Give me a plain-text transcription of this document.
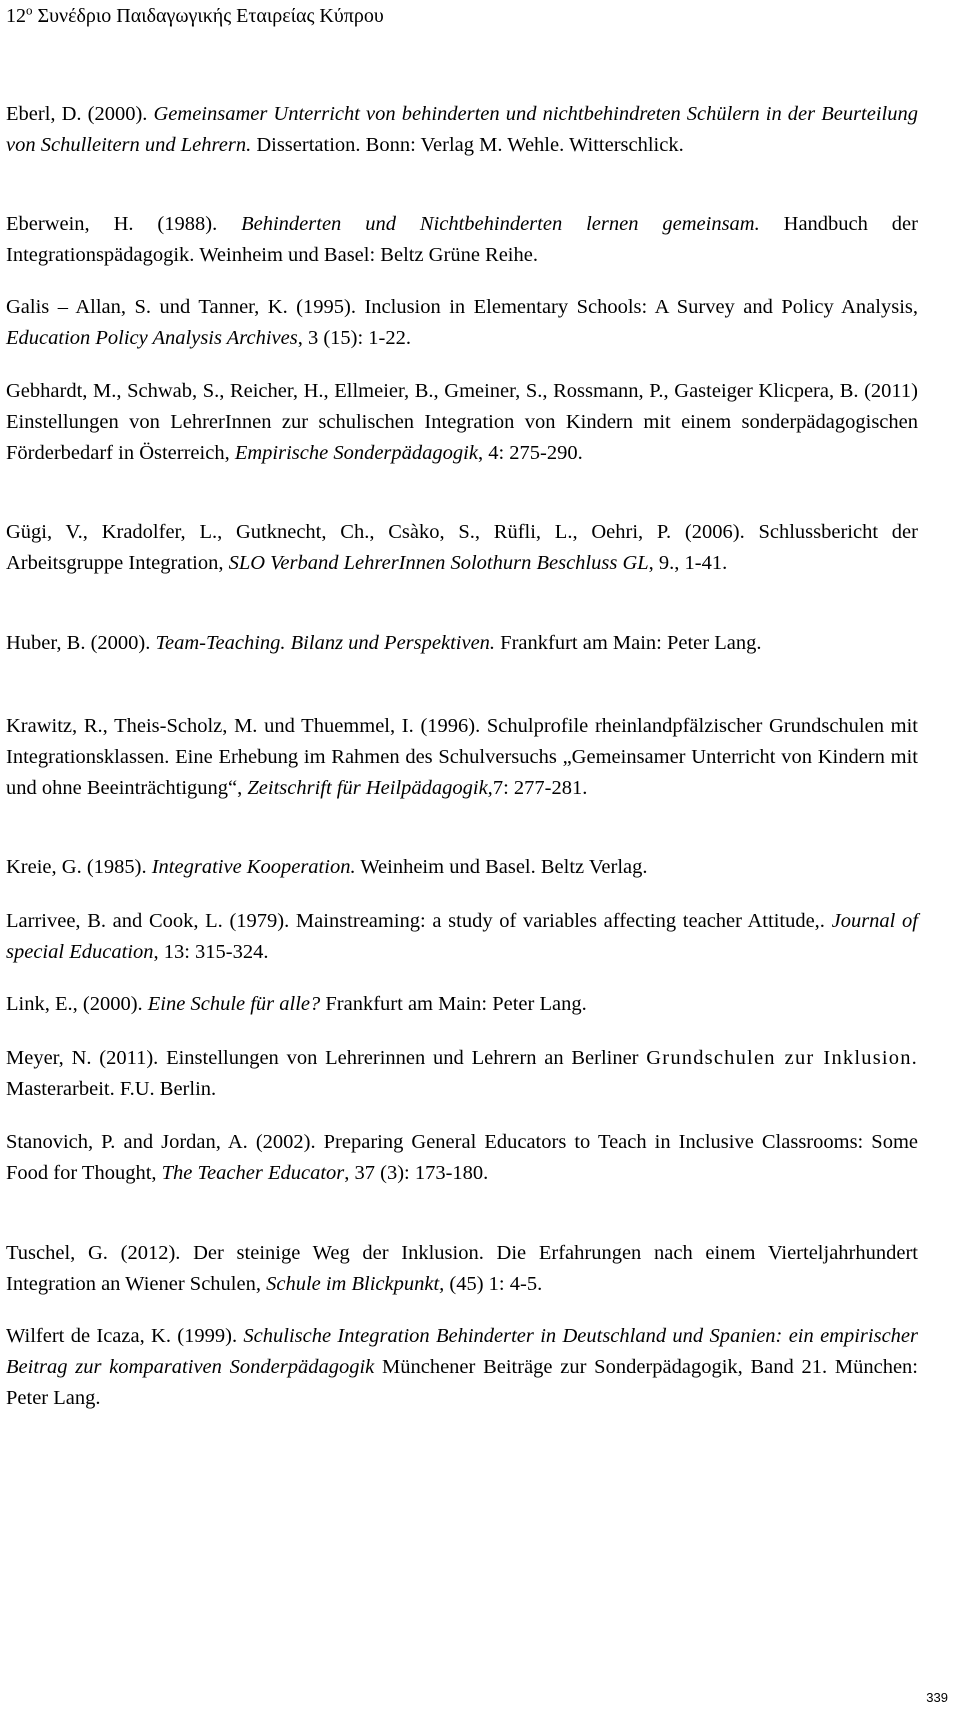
$12^o$ Συνέδριο Παιδαγωγικής Εταιρείας Κύπρου

Eberl, D. (2000). Gemeinsamer Unterricht von behinderten und nichtbehindreten Schülern in der Beurteilung von Schulleitern und Lehrern. Dissertation. Bonn: Verlag M. Wehle. Witterschlick.

Eberwein, H. (1988). Behinderten und Nichtbehinderten lernen gemeinsam. Handbuch der Integrationspädagogik. Weinheim und Basel: Beltz Grüne Reihe.

Galis – Allan, S. und Tanner, K. (1995). Inclusion in Elementary Schools: A Survey and Policy Analysis, Education Policy Analysis Archives, 3 (15): 1-22.

Gebhardt, M., Schwab, S., Reicher, H., Ellmeier, B., Gmeiner, S., Rossmann, P., Gasteiger Klicpera, B. (2011) Einstellungen von LehrerInnen zur schulischen Integration von Kindern mit einem sonderpädagogischen Förderbedarf in Österreich, Empirische Sonderpädagogik, 4: 275-290.

Gügi, V., Kradolfer, L., Gutknecht, Ch., Csàko, S., Rüfli, L., Oehri, P. (2006). Schlussbericht der Arbeitsgruppe Integration, SLO Verband LehrerInnen Solothurn Beschluss GL, 9., 1-41.

Huber, B. (2000). Team-Teaching. Bilanz und Perspektiven. Frankfurt am Main: Peter Lang.

Krawitz, R., Theis-Scholz, M. und Thuemmel, I. (1996). Schulprofile rheinlandpfälzischer Grundschulen mit Integrationsklassen. Eine Erhebung im Rahmen des Schulversuchs „Gemeinsamer Unterricht von Kindern mit und ohne Beeinträchtigung“, Zeitschrift für Heilpädagogik,7: 277-281.

Kreie, G. (1985). Integrative Kooperation. Weinheim und Basel. Beltz Verlag.

Larrivee, B. and Cook, L. (1979). Mainstreaming: a study of variables affecting teacher Attitude,. Journal of special Education, 13: 315-324.

Link, E., (2000). Eine Schule für alle? Frankfurt am Main: Peter Lang.

Meyer, N. (2011). Einstellungen von Lehrerinnen und Lehrern an Berliner Grundschulen zur Inklusion. Masterarbeit. F.U. Berlin.

Stanovich, P. and Jordan, A. (2002). Preparing General Educators to Teach in Inclusive Classrooms: Some Food for Thought, The Teacher Educator, 37 (3): 173-180.

Tuschel, G. (2012). Der steinige Weg der Inklusion. Die Erfahrungen nach einem Vierteljahrhundert Integration an Wiener Schulen, Schule im Blickpunkt, (45) 1: 4-5.

Wilfert de Icaza, K. (1999). Schulische Integration Behinderter in Deutschland und Spanien: ein empirischer Beitrag zur komparativen Sonderpädagogik Münchener Beiträge zur Sonderpädagogik, Band 21. München: Peter Lang.

339
